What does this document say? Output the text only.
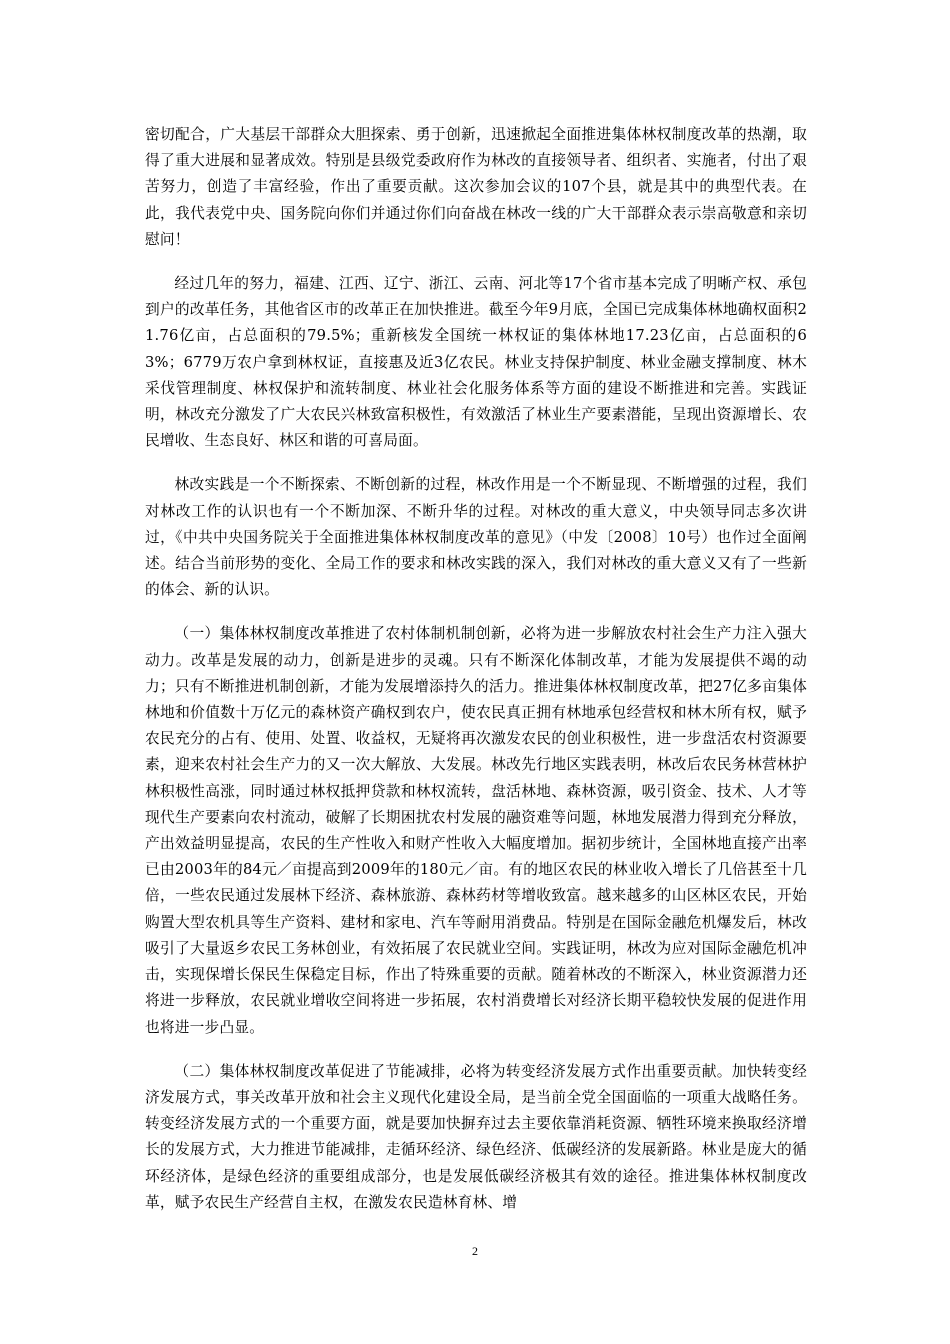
密切配合，广大基层干部群众大胆探索、勇于创新，迅速掀起全面推进集体林权制度改革的热潮，取得了重大进展和显著成效。特别是县级党委政府作为林改的直接领导者、组织者、实施者，付出了艰苦努力，创造了丰富经验，作出了重要贡献。这次参加会议的107个县，就是其中的典型代表。在此，我代表党中央、国务院向你们并通过你们向奋战在林改一线的广大干部群众表示崇高敬意和亲切慰问！

经过几年的努力，福建、江西、辽宁、浙江、云南、河北等17个省市基本完成了明晰产权、承包到户的改革任务，其他省区市的改革正在加快推进。截至今年9月底，全国已完成集体林地确权面积21.76亿亩，占总面积的79.5%；重新核发全国统一林权证的集体林地17.23亿亩，占总面积的63%；6779万农户拿到林权证，直接惠及近3亿农民。林业支持保护制度、林业金融支撑制度、林木采伐管理制度、林权保护和流转制度、林业社会化服务体系等方面的建设不断推进和完善。实践证明，林改充分激发了广大农民兴林致富积极性，有效激活了林业生产要素潜能，呈现出资源增长、农民增收、生态良好、林区和谐的可喜局面。

林改实践是一个不断探索、不断创新的过程，林改作用是一个不断显现、不断增强的过程，我们对林改工作的认识也有一个不断加深、不断升华的过程。对林改的重大意义，中央领导同志多次讲过，《中共中央国务院关于全面推进集体林权制度改革的意见》（中发〔2008〕10号）也作过全面阐述。结合当前形势的变化、全局工作的要求和林改实践的深入，我们对林改的重大意义又有了一些新的体会、新的认识。

（一）集体林权制度改革推进了农村体制机制创新，必将为进一步解放农村社会生产力注入强大动力。改革是发展的动力，创新是进步的灵魂。只有不断深化体制改革，才能为发展提供不竭的动力；只有不断推进机制创新，才能为发展增添持久的活力。推进集体林权制度改革，把27亿多亩集体林地和价值数十万亿元的森林资产确权到农户，使农民真正拥有林地承包经营权和林木所有权，赋予农民充分的占有、使用、处置、收益权，无疑将再次激发农民的创业积极性，进一步盘活农村资源要素，迎来农村社会生产力的又一次大解放、大发展。林改先行地区实践表明，林改后农民务林营林护林积极性高涨，同时通过林权抵押贷款和林权流转，盘活林地、森林资源，吸引资金、技术、人才等现代生产要素向农村流动，破解了长期困扰农村发展的融资难等问题，林地发展潜力得到充分释放，产出效益明显提高，农民的生产性收入和财产性收入大幅度增加。据初步统计，全国林地直接产出率已由2003年的84元／亩提高到2009年的180元／亩。有的地区农民的林业收入增长了几倍甚至十几倍，一些农民通过发展林下经济、森林旅游、森林药材等增收致富。越来越多的山区林区农民，开始购置大型农机具等生产资料、建材和家电、汽车等耐用消费品。特别是在国际金融危机爆发后，林改吸引了大量返乡农民工务林创业，有效拓展了农民就业空间。实践证明，林改为应对国际金融危机冲击，实现保增长保民生保稳定目标，作出了特殊重要的贡献。随着林改的不断深入，林业资源潜力还将进一步释放，农民就业增收空间将进一步拓展，农村消费增长对经济长期平稳较快发展的促进作用也将进一步凸显。

（二）集体林权制度改革促进了节能减排，必将为转变经济发展方式作出重要贡献。加快转变经济发展方式，事关改革开放和社会主义现代化建设全局，是当前全党全国面临的一项重大战略任务。转变经济发展方式的一个重要方面，就是要加快摒弃过去主要依靠消耗资源、牺牲环境来换取经济增长的发展方式，大力推进节能减排，走循环经济、绿色经济、低碳经济的发展新路。林业是庞大的循环经济体，是绿色经济的重要组成部分，也是发展低碳经济极其有效的途径。推进集体林权制度改革，赋予农民生产经营自主权，在激发农民造林育林、增

2
